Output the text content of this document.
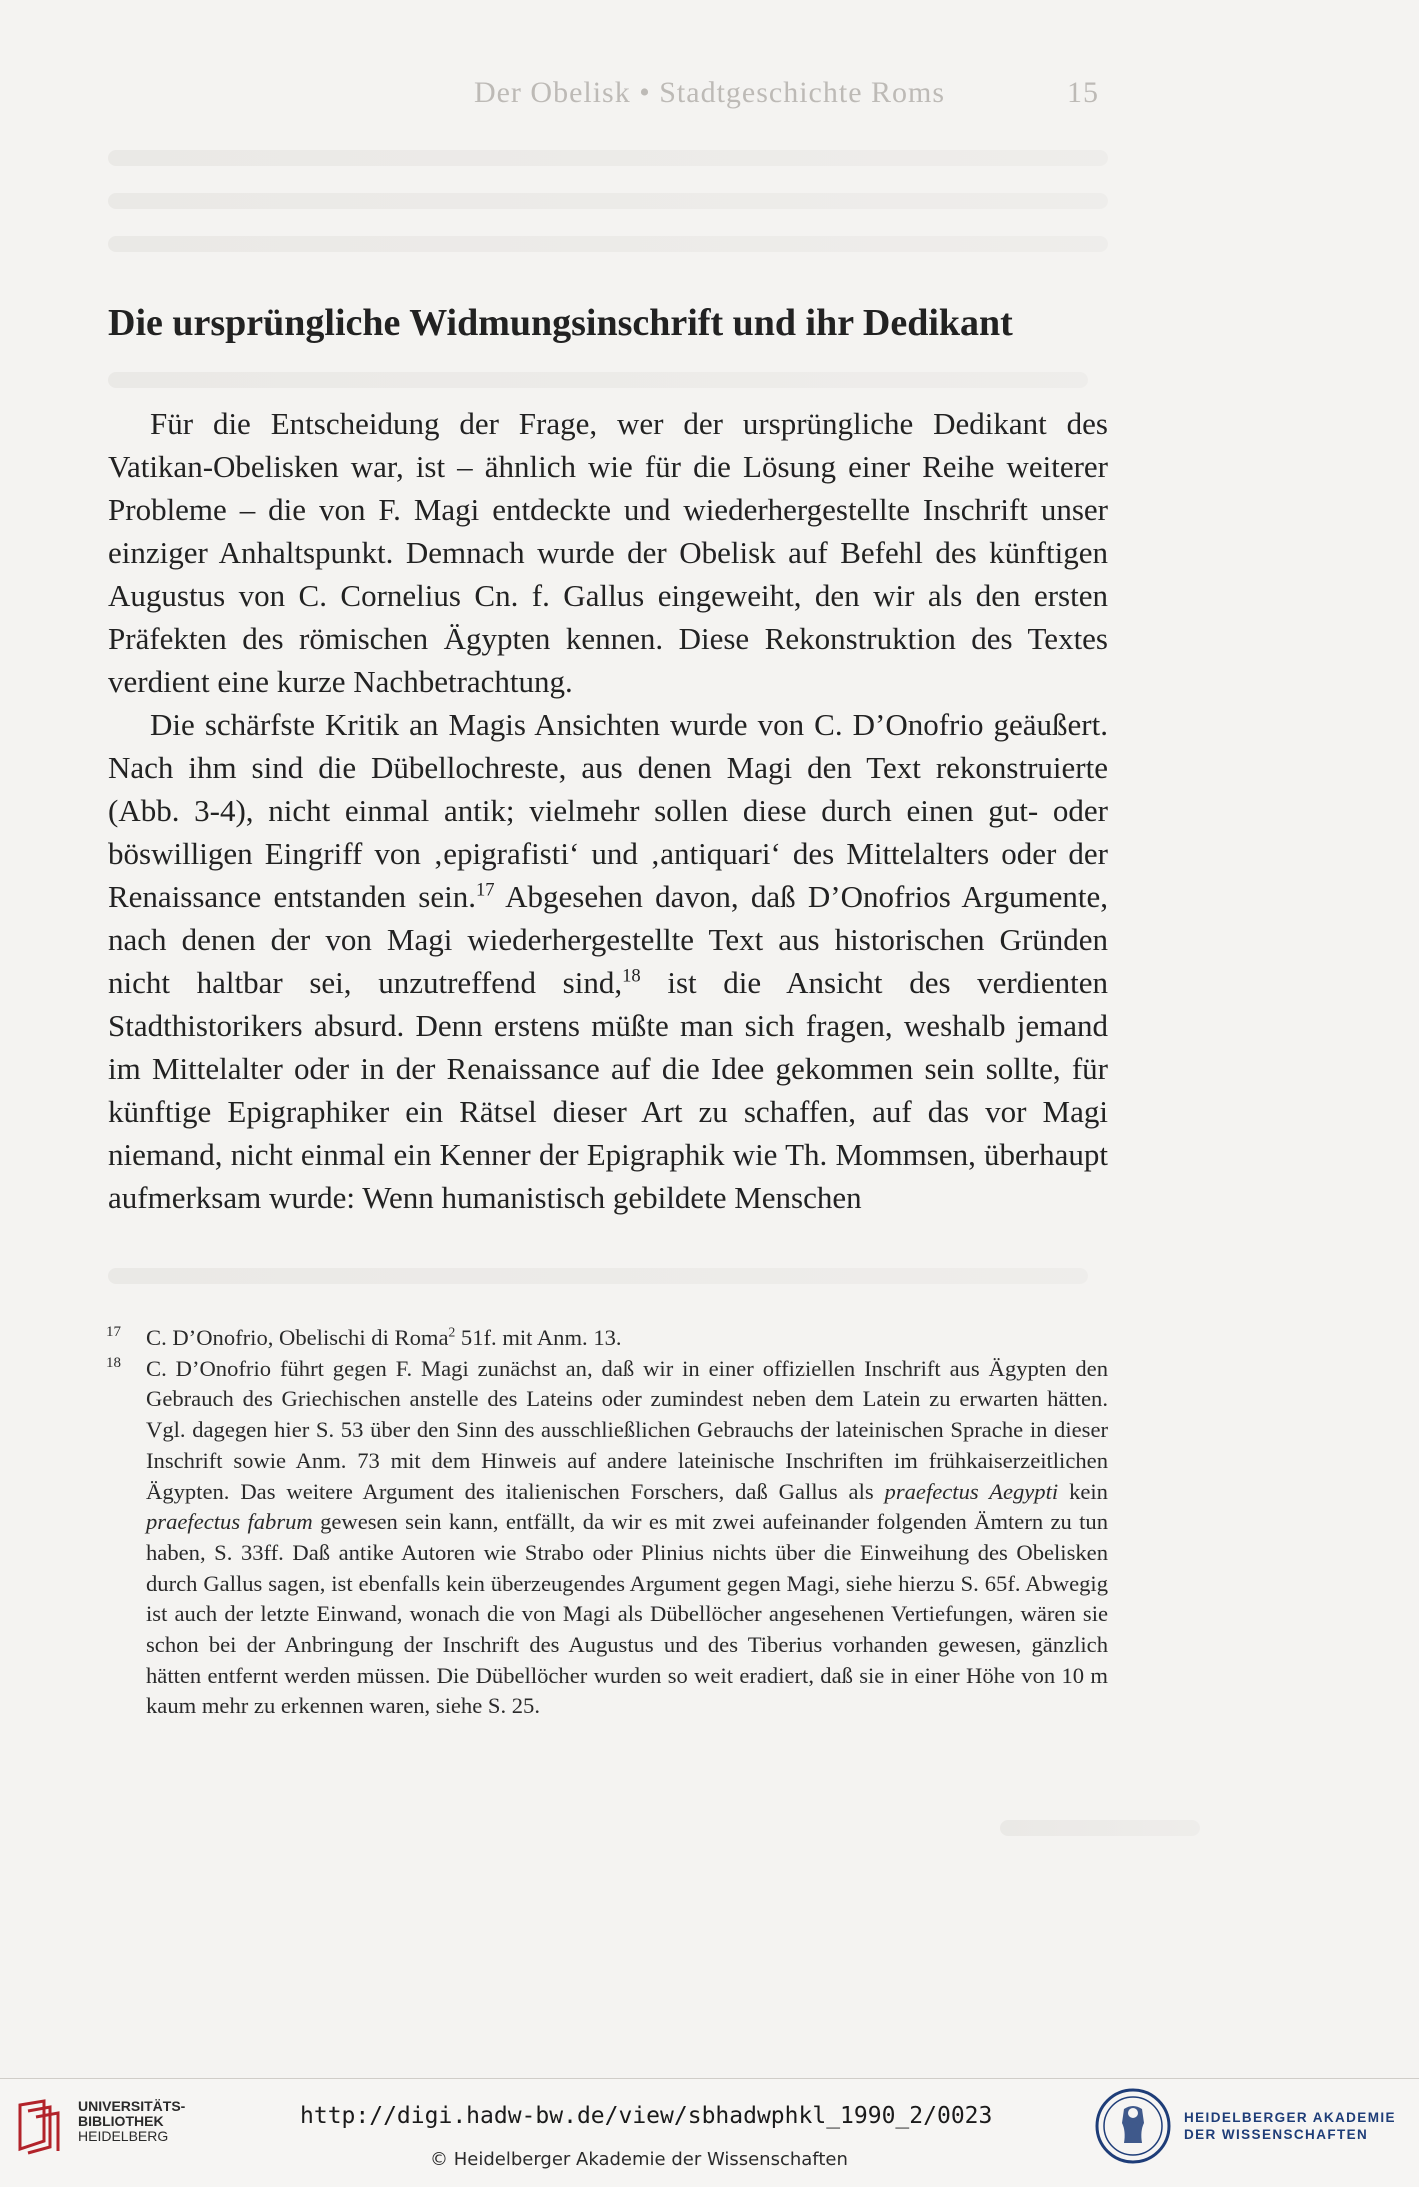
Der Obelisk • Stadtgeschichte Roms	15
Die ursprüngliche Widmungsinschrift und ihr Dedikant

Für die Entscheidung der Frage, wer der ursprüngliche Dedikant des Vatikan-Obelisken war, ist – ähnlich wie für die Lösung einer Reihe weiterer Probleme – die von F. Magi entdeckte und wiederhergestellte Inschrift unser einziger Anhaltspunkt. Demnach wurde der Obelisk auf Befehl des künftigen Augustus von C. Cornelius Cn. f. Gallus eingeweiht, den wir als den ersten Präfekten des römischen Ägypten kennen. Diese Rekonstruktion des Textes verdient eine kurze Nachbetrachtung.

Die schärfste Kritik an Magis Ansichten wurde von C. D’Onofrio geäußert. Nach ihm sind die Dübellochreste, aus denen Magi den Text rekonstruierte (Abb. 3-4), nicht einmal antik; vielmehr sollen diese durch einen gut- oder böswilligen Eingriff von ‚epigrafisti‘ und ‚antiquari‘ des Mittelalters oder der Renaissance entstanden sein.$^{17}$ Abgesehen davon, daß D’Onofrios Argumente, nach denen der von Magi wiederhergestellte Text aus historischen Gründen nicht haltbar sei, unzutreffend sind,$^{18}$ ist die Ansicht des verdienten Stadthistorikers absurd. Denn erstens müßte man sich fragen, weshalb jemand im Mittelalter oder in der Renaissance auf die Idee gekommen sein sollte, für künftige Epigraphiker ein Rätsel dieser Art zu schaffen, auf das vor Magi niemand, nicht einmal ein Kenner der Epigraphik wie Th. Mommsen, überhaupt aufmerksam wurde: Wenn humanistisch gebildete Menschen

17 C. D’Onofrio, Obelischi di Roma$^2$ 51f. mit Anm. 13.
18 C. D’Onofrio führt gegen F. Magi zunächst an, daß wir in einer offiziellen Inschrift aus Ägypten den Gebrauch des Griechischen anstelle des Lateins oder zumindest neben dem Latein zu erwarten hätten. Vgl. dagegen hier S. 53 über den Sinn des ausschließlichen Gebrauchs der lateinischen Sprache in dieser Inschrift sowie Anm. 73 mit dem Hinweis auf andere lateinische Inschriften im frühkaiserzeitlichen Ägypten. Das weitere Argument des italienischen Forschers, daß Gallus als praefectus Aegypti kein praefectus fabrum gewesen sein kann, entfällt, da wir es mit zwei aufeinander folgenden Ämtern zu tun haben, S. 33ff. Daß antike Autoren wie Strabo oder Plinius nichts über die Einweihung des Obelisken durch Gallus sagen, ist ebenfalls kein überzeugendes Argument gegen Magi, siehe hierzu S. 65f. Abwegig ist auch der letzte Einwand, wonach die von Magi als Dübellöcher angesehenen Vertiefungen, wären sie schon bei der Anbringung der Inschrift des Augustus und des Tiberius vorhanden gewesen, gänzlich hätten entfernt werden müssen. Die Dübellöcher wurden so weit eradiert, daß sie in einer Höhe von 10 m kaum mehr zu erkennen waren, siehe S. 25.
UNIVERSITÄTS-
BIBLIOTHEK
HEIDELBERG
http://digi.hadw-bw.de/view/sbhadwphkl_1990_2/0023
© Heidelberger Akademie der Wissenschaften
HEIDELBERGER AKADEMIE
DER WISSENSCHAFTEN
